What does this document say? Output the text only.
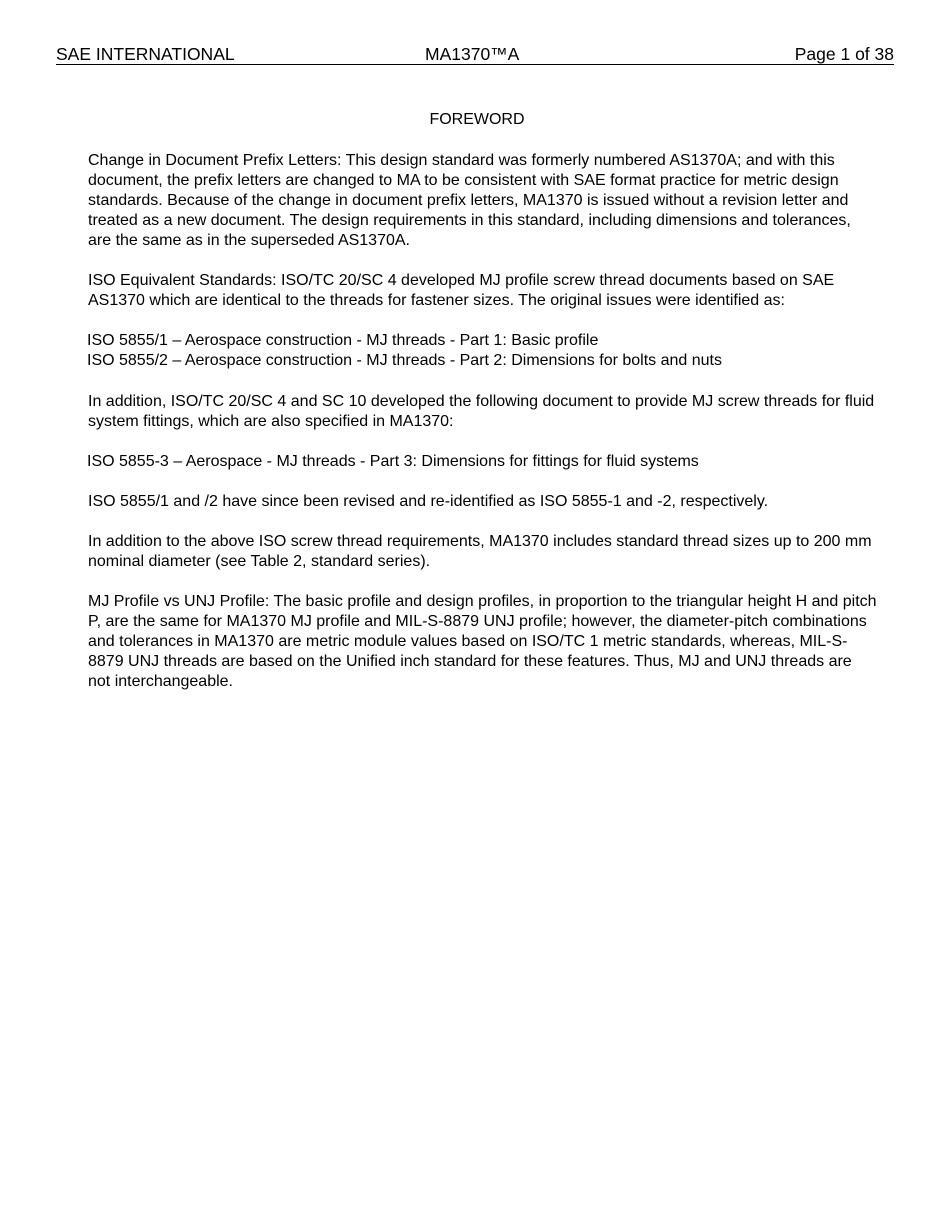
SAE INTERNATIONAL	MA1370™A	Page 1 of 38
FOREWORD

Change in Document Prefix Letters: This design standard was formerly numbered AS1370A; and with this document, the prefix letters are changed to MA to be consistent with SAE format practice for metric design standards. Because of the change in document prefix letters, MA1370 is issued without a revision letter and treated as a new document. The design requirements in this standard, including dimensions and tolerances, are the same as in the superseded AS1370A.

ISO Equivalent Standards: ISO/TC 20/SC 4 developed MJ profile screw thread documents based on SAE AS1370 which are identical to the threads for fastener sizes. The original issues were identified as:

ISO 5855/1 – Aerospace construction - MJ threads - Part 1: Basic profile

ISO 5855/2 – Aerospace construction - MJ threads - Part 2: Dimensions for bolts and nuts

In addition, ISO/TC 20/SC 4 and SC 10 developed the following document to provide MJ screw threads for fluid system fittings, which are also specified in MA1370:

ISO 5855-3 – Aerospace - MJ threads - Part 3: Dimensions for fittings for fluid systems

ISO 5855/1 and /2 have since been revised and re-identified as ISO 5855-1 and -2, respectively.

In addition to the above ISO screw thread requirements, MA1370 includes standard thread sizes up to 200 mm nominal diameter (see Table 2, standard series).

MJ Profile vs UNJ Profile: The basic profile and design profiles, in proportion to the triangular height H and pitch P, are the same for MA1370 MJ profile and MIL-S-8879 UNJ profile; however, the diameter-pitch combinations and tolerances in MA1370 are metric module values based on ISO/TC 1 metric standards, whereas, MIL-S-8879 UNJ threads are based on the Unified inch standard for these features. Thus, MJ and UNJ threads are not interchangeable.
